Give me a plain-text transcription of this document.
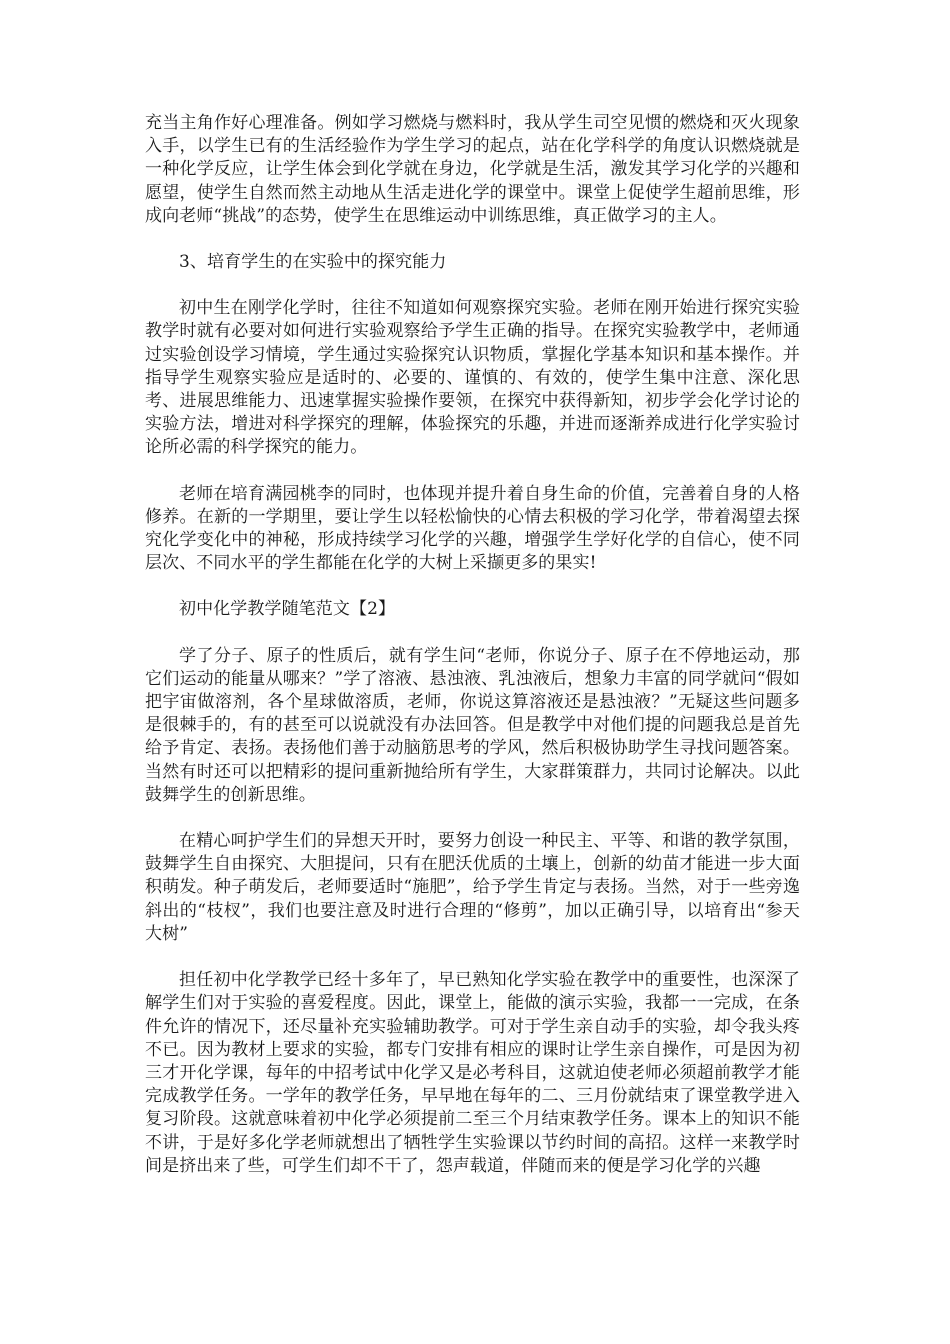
充当主角作好心理准备。例如学习燃烧与燃料时，我从学生司空见惯的燃烧和灭火现象入手，以学生已有的生活经验作为学生学习的起点，站在化学科学的角度认识燃烧就是一种化学反应，让学生体会到化学就在身边，化学就是生活，激发其学习化学的兴趣和愿望，使学生自然而然主动地从生活走进化学的课堂中。课堂上促使学生超前思维，形成向老师“挑战”的态势，使学生在思维运动中训练思维，真正做学习的主人。

3、培育学生的在实验中的探究能力

初中生在刚学化学时，往往不知道如何观察探究实验。老师在刚开始进行探究实验教学时就有必要对如何进行实验观察给予学生正确的指导。在探究实验教学中，老师通过实验创设学习情境，学生通过实验探究认识物质，掌握化学基本知识和基本操作。并指导学生观察实验应是适时的、必要的、谨慎的、有效的，使学生集中注意、深化思考、进展思维能力、迅速掌握实验操作要领，在探究中获得新知，初步学会化学讨论的实验方法，增进对科学探究的理解，体验探究的乐趣，并进而逐渐养成进行化学实验讨论所必需的科学探究的能力。

老师在培育满园桃李的同时，也体现并提升着自身生命的价值，完善着自身的人格修养。在新的一学期里，要让学生以轻松愉快的心情去积极的学习化学，带着渴望去探究化学变化中的神秘，形成持续学习化学的兴趣，增强学生学好化学的自信心，使不同层次、不同水平的学生都能在化学的大树上采撷更多的果实!

初中化学教学随笔范文【2】

学了分子、原子的性质后，就有学生问“老师，你说分子、原子在不停地运动，那它们运动的能量从哪来？”学了溶液、悬浊液、乳浊液后，想象力丰富的同学就问“假如把宇宙做溶剂，各个星球做溶质，老师，你说这算溶液还是悬浊液？”无疑这些问题多是很棘手的，有的甚至可以说就没有办法回答。但是教学中对他们提的问题我总是首先给予肯定、表扬。表扬他们善于动脑筋思考的学风，然后积极协助学生寻找问题答案。当然有时还可以把精彩的提问重新抛给所有学生，大家群策群力，共同讨论解决。以此鼓舞学生的创新思维。

在精心呵护学生们的异想天开时，要努力创设一种民主、平等、和谐的教学氛围，鼓舞学生自由探究、大胆提问，只有在肥沃优质的土壤上，创新的幼苗才能进一步大面积萌发。种子萌发后，老师要适时“施肥”，给予学生肯定与表扬。当然，对于一些旁逸斜出的“枝杈”，我们也要注意及时进行合理的“修剪”，加以正确引导，以培育出“参天大树”

担任初中化学教学已经十多年了，早已熟知化学实验在教学中的重要性，也深深了解学生们对于实验的喜爱程度。因此，课堂上，能做的演示实验，我都一一完成，在条件允许的情况下，还尽量补充实验辅助教学。可对于学生亲自动手的实验，却令我头疼不已。因为教材上要求的实验，都专门安排有相应的课时让学生亲自操作，可是因为初三才开化学课，每年的中招考试中化学又是必考科目，这就迫使老师必须超前教学才能完成教学任务。一学年的教学任务，早早地在每年的二、三月份就结束了课堂教学进入复习阶段。这就意味着初中化学必须提前二至三个月结束教学任务。课本上的知识不能不讲，于是好多化学老师就想出了牺牲学生实验课以节约时间的高招。这样一来教学时间是挤出来了些，可学生们却不干了，怨声载道，伴随而来的便是学习化学的兴趣
